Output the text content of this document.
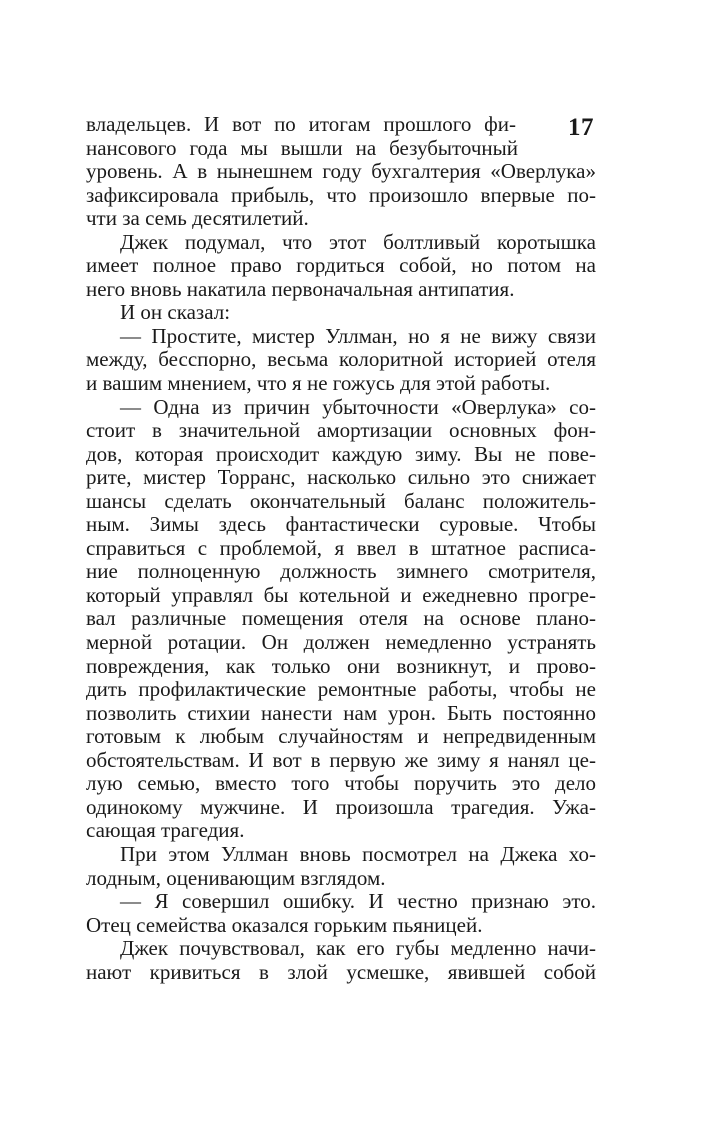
17
владельцев. И вот по итогам прошлого фи-
нансового года мы вышли на безубыточный
уровень. А в нынешнем году бухгалтерия «Оверлука»
зафиксировала прибыль, что произошло впервые по-
чти за семь десятилетий.
Джек подумал, что этот болтливый коротышка
имеет полное право гордиться собой, но потом на
него вновь накатила первоначальная антипатия.
И он сказал:
— Простите, мистер Уллман, но я не вижу связи
между, бесспорно, весьма колоритной историей отеля
и вашим мнением, что я не гожусь для этой работы.
— Одна из причин убыточности «Оверлука» со-
стоит в значительной амортизации основных фон-
дов, которая происходит каждую зиму. Вы не пове-
рите, мистер Торранс, насколько сильно это снижает
шансы сделать окончательный баланс положитель-
ным. Зимы здесь фантастически суровые. Чтобы
справиться с проблемой, я ввел в штатное расписа-
ние полноценную должность зимнего смотрителя,
который управлял бы котельной и ежедневно прогре-
вал различные помещения отеля на основе плано-
мерной ротации. Он должен немедленно устранять
повреждения, как только они возникнут, и прово-
дить профилактические ремонтные работы, чтобы не
позволить стихии нанести нам урон. Быть постоянно
готовым к любым случайностям и непредвиденным
обстоятельствам. И вот в первую же зиму я нанял це-
лую семью, вместо того чтобы поручить это дело
одинокому мужчине. И произошла трагедия. Ужа-
сающая трагедия.
При этом Уллман вновь посмотрел на Джека хо-
лодным, оценивающим взглядом.
— Я совершил ошибку. И честно признаю это.
Отец семейства оказался горьким пьяницей.
Джек почувствовал, как его губы медленно начи-
нают кривиться в злой усмешке, явившей собой
